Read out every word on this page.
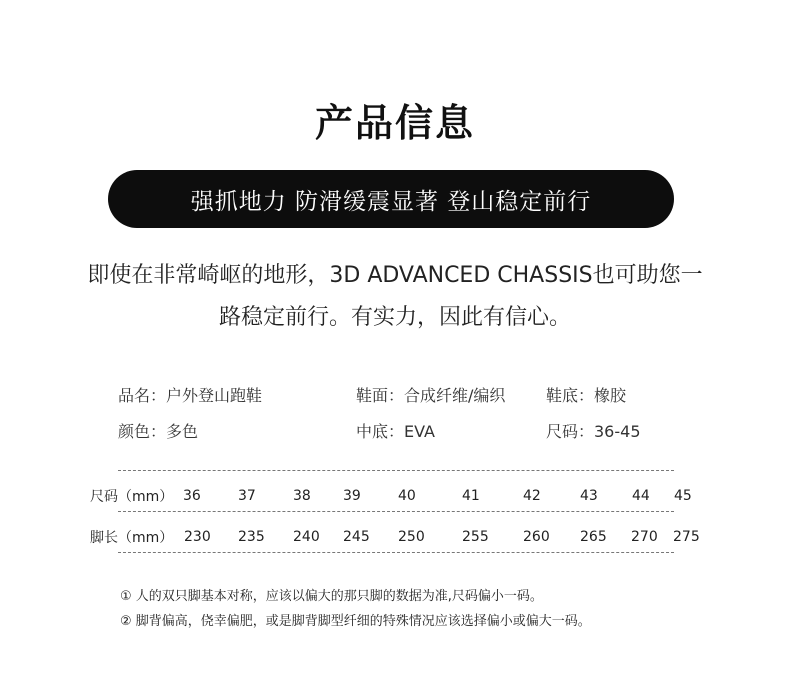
产品信息
强抓地力 防滑缓震显著 登山稳定前行
即使在非常崎岖的地形，3D ADVANCED CHASSIS也可助您一
路稳定前行。有实力，因此有信心。
品名：户外登山跑鞋	鞋面：合成纤维/编织	鞋底：橡胶
颜色：多色	中底：EVA	尺码：36-45
尺码（mm） 36	37	38 39	40	41	42	43 44 45
脚长（mm） 230 235 240 245 250	255 260 265 270 275
① 人的双只脚基本对称，应该以偏大的那只脚的数据为准,尺码偏小一码。
② 脚背偏高，侥幸偏肥，或是脚背脚型纤细的特殊情况应该选择偏小或偏大一码。
